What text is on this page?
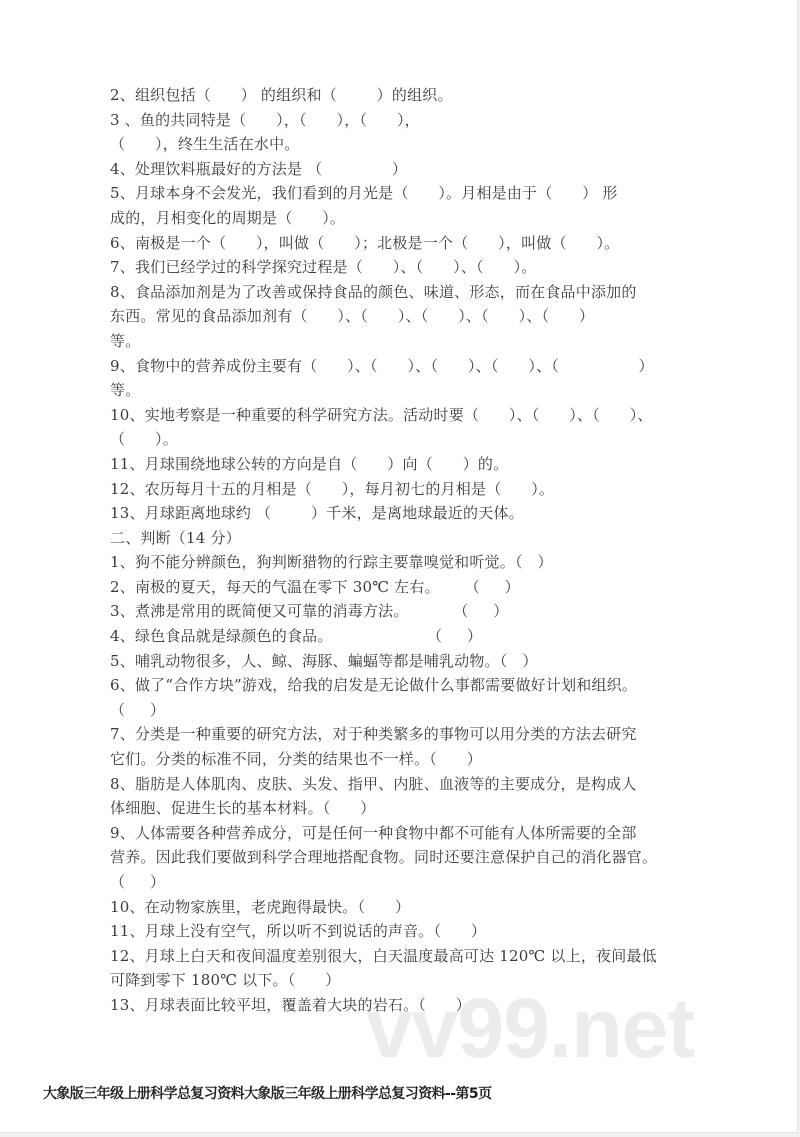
vv99.net
2、组织包括（      ） 的组织和（        ）的组织。
3 、鱼的共同特是（      ），（      ），（      ），
（      ），终生生活在水中。
4、处理饮料瓶最好的方法是 （              ）
5、月球本身不会发光，我们看到的月光是（      ）。月相是由于（      ） 形
成的，月相变化的周期是（      ）。
6、南极是一个（      ），叫做（      ）；北极是一个（      ），叫做（      ）。
7、我们已经学过的科学探究过程是（      ）、（      ）、（      ）。
8、食品添加剂是为了改善或保持食品的颜色、味道、形态，而在食品中添加的
东西。常见的食品添加剂有（      ）、（      ）、（      ）、（      ）、（      ）
等。
9、食物中的营养成份主要有（      ）、（      ）、（      ）、（      ）、（                ）
等。
10、实地考察是一种重要的科学研究方法。活动时要（      ）、（      ）、（      ）、
（      ）。
11、月球围绕地球公转的方向是自（      ）向（      ）的。
12、农历每月十五的月相是（      ），每月初七的月相是（      ）。
13、月球距离地球约 （        ）千米，是离地球最近的天体。
二、判断（14 分）
1、狗不能分辨颜色，狗判断猎物的行踪主要靠嗅觉和听觉。（   ）
2、南极的夏天，每天的气温在零下 30℃ 左右。     （     ）
3、煮沸是常用的既简便又可靠的消毒方法。         （     ）
4、绿色食品就是绿颜色的食品。                   （     ）
5、哺乳动物很多，人、鲸、海豚、蝙蝠等都是哺乳动物。（   ）
6、做了“合作方块”游戏，给我的启发是无论做什么事都需要做好计划和组织。
（     ）
7、分类是一种重要的研究方法，对于种类繁多的事物可以用分类的方法去研究
它们。分类的标准不同，分类的结果也不一样。（      ）
8、脂肪是人体肌肉、皮肤、头发、指甲、内脏、血液等的主要成分，是构成人
体细胞、促进生长的基本材料。（      ）
9、人体需要各种营养成分，可是任何一种食物中都不可能有人体所需要的全部
营养。因此我们要做到科学合理地搭配食物。同时还要注意保护自己的消化器官。
（     ）
10、在动物家族里，老虎跑得最快。（      ）
11、月球上没有空气，所以听不到说话的声音。（      ）
12、月球上白天和夜间温度差别很大，白天温度最高可达 120℃ 以上，夜间最低
可降到零下 180℃ 以下。（      ）
13、月球表面比较平坦，覆盖着大块的岩石。（      ）
大象版三年级上册科学总复习资料大象版三年级上册科学总复习资料--第5页
